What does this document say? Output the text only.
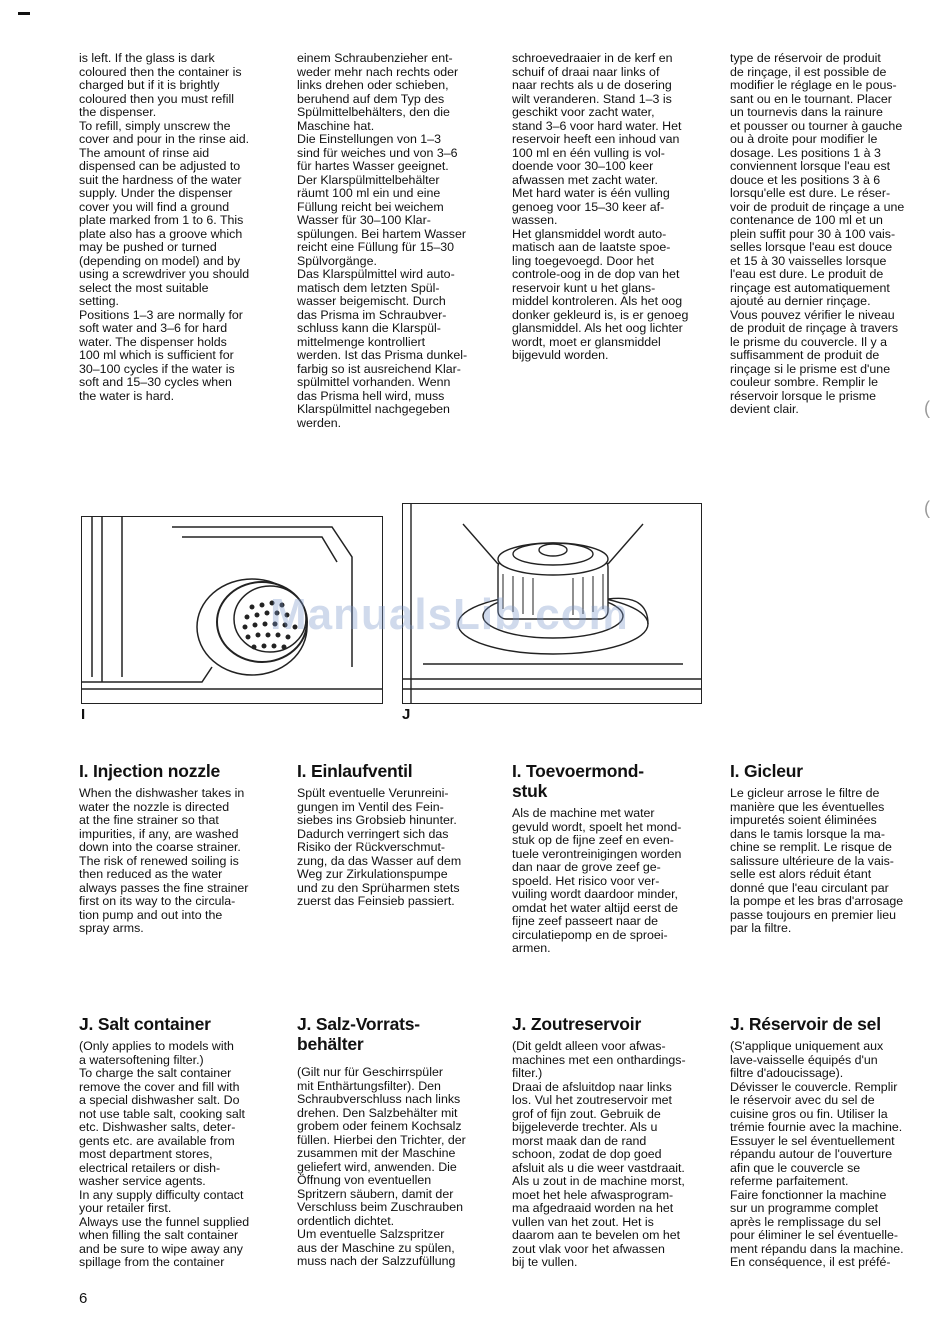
is left. If the glass is dark
coloured then the container is
charged but if it is brightly
coloured then you must refill
the dispenser.
To refill, simply unscrew the
cover and pour in the rinse aid.
The amount of rinse aid
dispensed can be adjusted to
suit the hardness of the water
supply. Under the dispenser
cover you will find a ground
plate marked from 1 to 6. This
plate also has a groove which
may be pushed or turned
(depending on model) and by
using a screwdriver you should
select the most suitable
setting.
Positions 1–3 are normally for
soft water and 3–6 for hard
water. The dispenser holds
100 ml which is sufficient for
30–100 cycles if the water is
soft and 15–30 cycles when
the water is hard.

einem Schraubenzieher ent-
weder mehr nach rechts oder
links drehen oder schieben,
beruhend auf dem Typ des
Spülmittelbehälters, den die
Maschine hat.
Die Einstellungen von 1–3
sind für weiches und von 3–6
für hartes Wasser geeignet.
Der Klarspülmittelbehälter
räumt 100 ml ein und eine
Füllung reicht bei weichem
Wasser für 30–100 Klar-
spülungen. Bei hartem Wasser
reicht eine Füllung für 15–30
Spülvorgänge.
Das Klarspülmittel wird auto-
matisch dem letzten Spül-
wasser beigemischt. Durch
das Prisma im Schraubver-
schluss kann die Klarspül-
mittelmenge kontrolliert
werden. Ist das Prisma dunkel-
farbig so ist ausreichend Klar-
spülmittel vorhanden. Wenn
das Prisma hell wird, muss
Klarspülmittel nachgegeben
werden.

schroevedraaier in de kerf en
schuif of draai naar links of
naar rechts als u de dosering
wilt veranderen. Stand 1–3 is
geschikt voor zacht water,
stand 3–6 voor hard water. Het
reservoir heeft een inhoud van
100 ml en één vulling is vol-
doende voor 30–100 keer
afwassen met zacht water.
Met hard water is één vulling
genoeg voor 15–30 keer af-
wassen.
Het glansmiddel wordt auto-
matisch aan de laatste spoe-
ling toegevoegd. Door het
controle-oog in de dop van het
reservoir kunt u het glans-
middel kontroleren. Als het oog
donker gekleurd is, is er genoeg
glansmiddel. Als het oog lichter
wordt, moet er glansmiddel
bijgevuld worden.

type de réservoir de produit
de rinçage, il est possible de
modifier le réglage en le pous-
sant ou en le tournant. Placer
un tournevis dans la rainure
et pousser ou tourner à gauche
ou à droite pour modifier le
dosage. Les positions 1 à 3
conviennent lorsque l'eau est
douce et les positions 3 à 6
lorsqu'elle est dure. Le réser-
voir de produit de rinçage a une
contenance de 100 ml et un
plein suffit pour 30 à 100 vais-
selles lorsque l'eau est douce
et 15 à 30 vaisselles lorsque
l'eau est dure. Le produit de
rinçage est automatiquement
ajouté au dernier rinçage.
Vous pouvez vérifier le niveau
de produit de rinçage à travers
le prisme du couvercle. Il y a
suffisamment de produit de
rinçage si le prisme est d'une
couleur sombre. Remplir le
réservoir lorsque le prisme
devient clair.	(
(
I	J
ManualsLib.com
I. Injection nozzle	I. Einlaufventil	I. Toevoermond-
stuk
I. Gicleur

When the dishwasher takes in
water the nozzle is directed
at the fine strainer so that
impurities, if any, are washed
down into the coarse strainer.
The risk of renewed soiling is
then reduced as the water
always passes the fine strainer
first on its way to the circula-
tion pump and out into the
spray arms.

Spült eventuelle Verunreini-
gungen im Ventil des Fein-
siebes ins Grobsieb hinunter.
Dadurch verringert sich das
Risiko der Rückverschmut-
zung, da das Wasser auf dem
Weg zur Zirkulationspumpe
und zu den Sprüharmen stets
zuerst das Feinsieb passiert.

Als de machine met water
gevuld wordt, spoelt het mond-
stuk op de fijne zeef en even-
tuele verontreinigingen worden
dan naar de grove zeef ge-
spoeld. Het risico voor ver-
vuiling wordt daardoor minder,
omdat het water altijd eerst de
fijne zeef passeert naar de
circulatiepomp en de sproei-
armen.

Le gicleur arrose le filtre de
manière que les éventuelles
impuretés soient éliminées
dans le tamis lorsque la ma-
chine se remplit. Le risque de
salissure ultérieure de la vais-
selle est alors réduit étant
donné que l'eau circulant par
la pompe et les bras d'arrosage
passe toujours en premier lieu
par la filtre.

J. Salt container	J. Salz-Vorrats-
behälter
J. Zoutreservoir	J. Réservoir de sel

(Only applies to models with
a watersoftening filter.)
To charge the salt container
remove the cover and fill with
a special dishwasher salt. Do
not use table salt, cooking salt
etc. Dishwasher salts, deter-
gents etc. are available from
most department stores,
electrical retailers or dish-
washer service agents.
In any supply difficulty contact
your retailer first.
Always use the funnel supplied
when filling the salt container
and be sure to wipe away any
spillage from the container

(Gilt nur für Geschirrspüler
mit Enthärtungsfilter). Den
Schraubverschluss nach links
drehen. Den Salzbehälter mit
grobem oder feinem Kochsalz
füllen. Hierbei den Trichter, der
zusammen mit der Maschine
geliefert wird, anwenden. Die
Öffnung von eventuellen
Spritzern säubern, damit der
Verschluss beim Zuschrauben
ordentlich dichtet.
Um eventuelle Salzspritzer
aus der Maschine zu spülen,
muss nach der Salzzufüllung

(Dit geldt alleen voor afwas-
machines met een onthardings-
filter.)
Draai de afsluitdop naar links
los. Vul het zoutreservoir met
grof of fijn zout. Gebruik de
bijgeleverde trechter. Als u
morst maak dan de rand
schoon, zodat de dop goed
afsluit als u die weer vastdraait.
Als u zout in de machine morst,
moet het hele afwasprogram-
ma afgedraaid worden na het
vullen van het zout. Het is
daarom aan te bevelen om het
zout vlak voor het afwassen
bij te vullen.

(S'applique uniquement aux
lave-vaisselle équipés d'un
filtre d'adoucissage).
Dévisser le couvercle. Remplir
le réservoir avec du sel de
cuisine gros ou fin. Utiliser la
trémie fournie avec la machine.
Essuyer le sel éventuellement
répandu autour de l'ouverture
afin que le couvercle se
referme parfaitement.
Faire fonctionner la machine
sur un programme complet
après le remplissage du sel
pour éliminer le sel éventuelle-
ment répandu dans la machine.
En conséquence, il est préfé-

6
